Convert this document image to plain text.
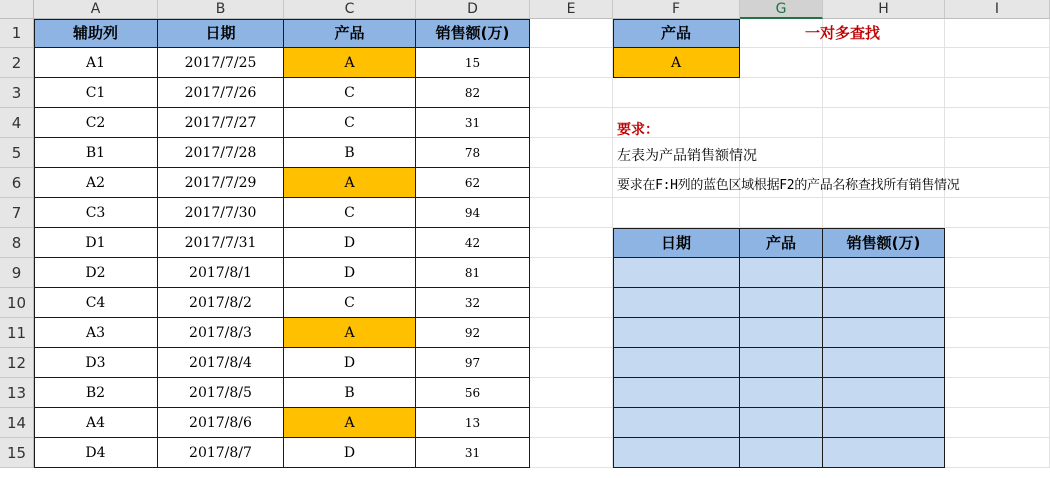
A	B	C	D	E	F	G	H	I
1
2
3
4
5
6
7
8
9
10
11
12
13
14
15
辅助列	日期	产品	销售额(万)
A1	2017/7/25	A	15
C1	2017/7/26	C	82
C2	2017/7/27	C	31
B1	2017/7/28	B	78
A2	2017/7/29	A	62
C3	2017/7/30	C	94
D1	2017/7/31	D	42
D2	2017/8/1	D	81
C4	2017/8/2	C	32
A3	2017/8/3	A	92
D3	2017/8/4	D	97
B2	2017/8/5	B	56
A4	2017/8/6	A	13
D4	2017/8/7	D	31
产品
A
日期	产品	销售额(万)
一对多查找
要求：
左表为产品销售额情况
要求在F:H列的蓝色区域根据F2的产品名称查找所有销售情况
